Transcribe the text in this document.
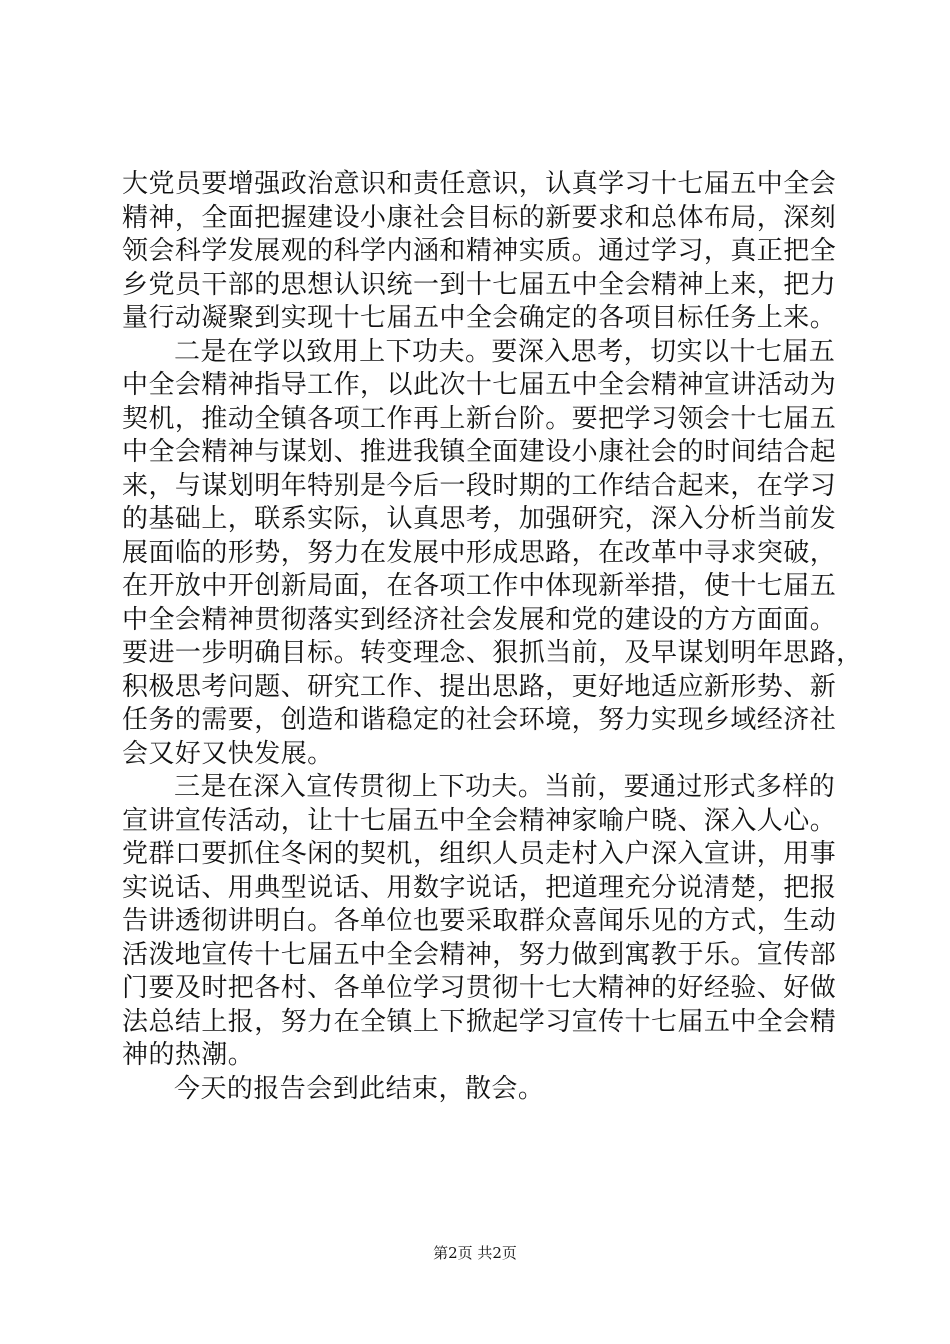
大党员要增强政治意识和责任意识，认真学习十七届五中全会
精神，全面把握建设小康社会目标的新要求和总体布局，深刻
领会科学发展观的科学内涵和精神实质。通过学习，真正把全
乡党员干部的思想认识统一到十七届五中全会精神上来，把力
量行动凝聚到实现十七届五中全会确定的各项目标任务上来。
二是在学以致用上下功夫。要深入思考，切实以十七届五
中全会精神指导工作，以此次十七届五中全会精神宣讲活动为
契机，推动全镇各项工作再上新台阶。要把学习领会十七届五
中全会精神与谋划、推进我镇全面建设小康社会的时间结合起
来，与谋划明年特别是今后一段时期的工作结合起来，在学习
的基础上，联系实际，认真思考，加强研究，深入分析当前发
展面临的形势，努力在发展中形成思路，在改革中寻求突破，
在开放中开创新局面，在各项工作中体现新举措，使十七届五
中全会精神贯彻落实到经济社会发展和党的建设的方方面面。
要进一步明确目标。转变理念、狠抓当前，及早谋划明年思路，
积极思考问题、研究工作、提出思路，更好地适应新形势、新
任务的需要，创造和谐稳定的社会环境，努力实现乡域经济社
会又好又快发展。
三是在深入宣传贯彻上下功夫。当前，要通过形式多样的
宣讲宣传活动，让十七届五中全会精神家喻户晓、深入人心。
党群口要抓住冬闲的契机，组织人员走村入户深入宣讲，用事
实说话、用典型说话、用数字说话，把道理充分说清楚，把报
告讲透彻讲明白。各单位也要采取群众喜闻乐见的方式，生动
活泼地宣传十七届五中全会精神，努力做到寓教于乐。宣传部
门要及时把各村、各单位学习贯彻十七大精神的好经验、好做
法总结上报，努力在全镇上下掀起学习宣传十七届五中全会精
神的热潮。
今天的报告会到此结束，散会。
第2页 共2页
